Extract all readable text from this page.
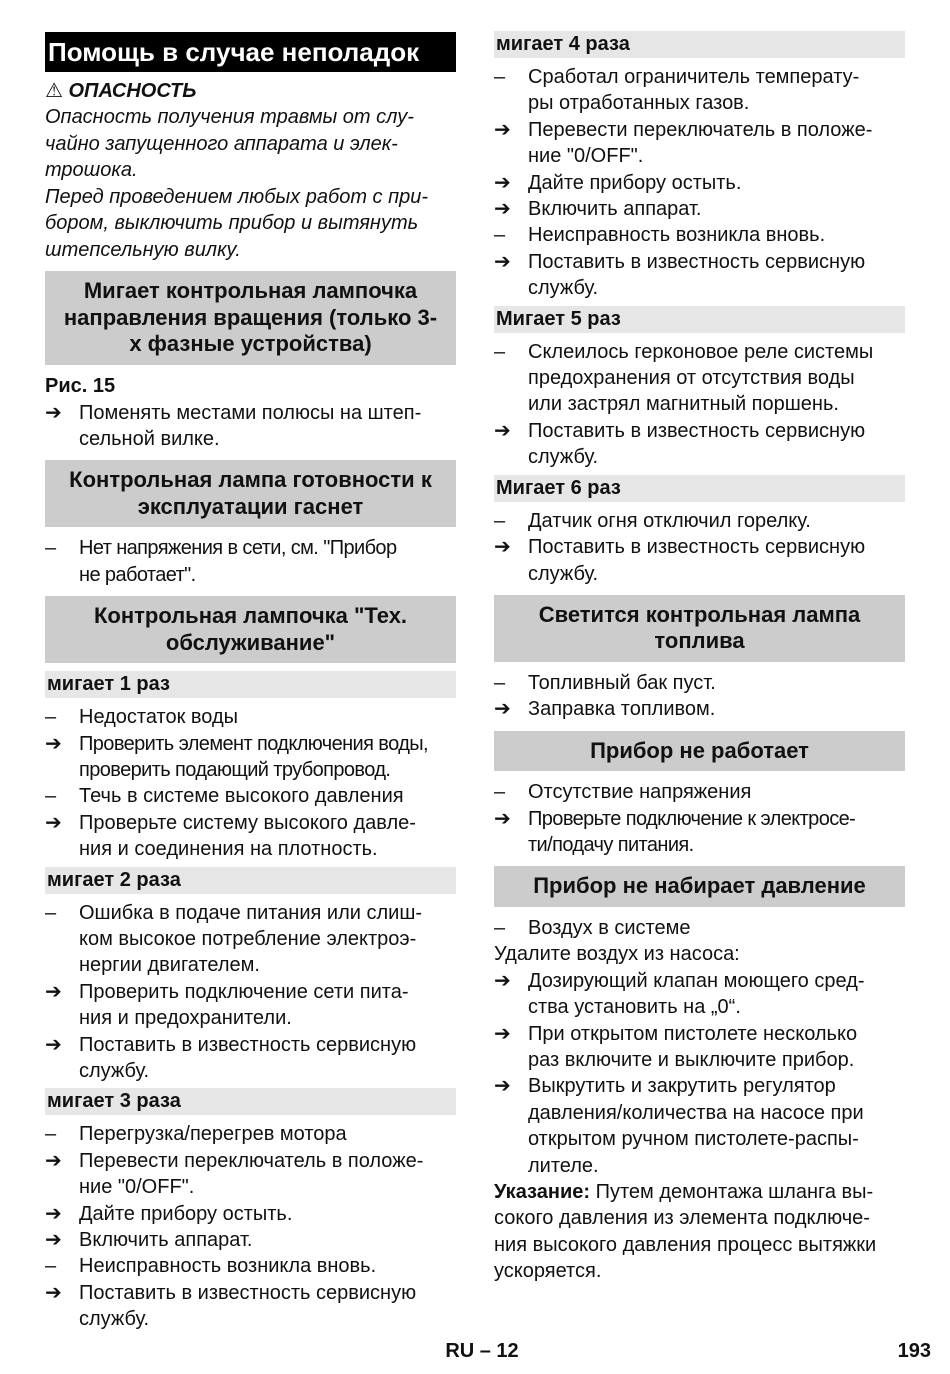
Помощь в случае неполадок
⚠ ОПАСНОСТЬ
Опасность получения травмы от слу-
чайно запущенного аппарата и элек-
трошока.
Перед проведением любых работ с при-
бором, выключить прибор и вытянуть
штепсельную вилку.
Мигает контрольная лампочка
направления вращения (только 3-
х фазные устройства)
Рис. 15
➔ Поменять местами полюсы на штеп-
сельной вилке.
Контрольная лампа готовности к
эксплуатации гаснет
–	Нет напряжения в сети, см. "Прибор
не работает".
Контрольная лампочка "Тех.
обслуживание"
мигает 1 раз
–	Недостаток воды
➔ Проверить элемент подключения воды,
проверить подающий трубопровод.
–	Течь в системе высокого давления
➔ Проверьте систему высокого давле-
ния и соединения на плотность.
мигает 2 раза
–	Ошибка в подаче питания или слиш-
ком высокое потребление электроэ-
нергии двигателем.
➔ Проверить подключение сети пита-
ния и предохранители.
➔ Поставить в известность сервисную
службу.
мигает 3 раза
–	Перегрузка/перегрев мотора
➔ Перевести переключатель в положе-
ние "0/OFF".
➔ Дайте прибору остыть.
➔ Включить аппарат.
–	Неисправность возникла вновь.
➔ Поставить в известность сервисную
службу.
мигает 4 раза
–	Сработал ограничитель температу-
ры отработанных газов.
➔ Перевести переключатель в положе-
ние "0/OFF".
➔ Дайте прибору остыть.
➔ Включить аппарат.
–	Неисправность возникла вновь.
➔ Поставить в известность сервисную
службу.
Мигает 5 раз
–	Склеилось герконовое реле системы
предохранения от отсутствия воды
или застрял магнитный поршень.
➔ Поставить в известность сервисную
службу.
Мигает 6 раз
–	Датчик огня отключил горелку.
➔ Поставить в известность сервисную
службу.
Светится контрольная лампа
топлива
–	Топливный бак пуст.
➔ Заправка топливом.
Прибор не работает
–	Отсутствие напряжения
➔ Проверьте подключение к электросе-
ти/подачу питания.
Прибор не набирает давление
–	Воздух в системе
Удалите воздух из насоса:
➔ Дозирующий клапан моющего сред-
ства установить на „0“.
➔ При открытом пистолете несколько
раз включите и выключите прибор.
➔ Выкрутить и закрутить регулятор
давления/количества на насосе при
открытом ручном пистолете-распы-
лителе.
Указание: Путем демонтажа шланга вы-
сокого давления из элемента подключе-
ния высокого давления процесс вытяжки
ускоряется.
RU – 12	193
